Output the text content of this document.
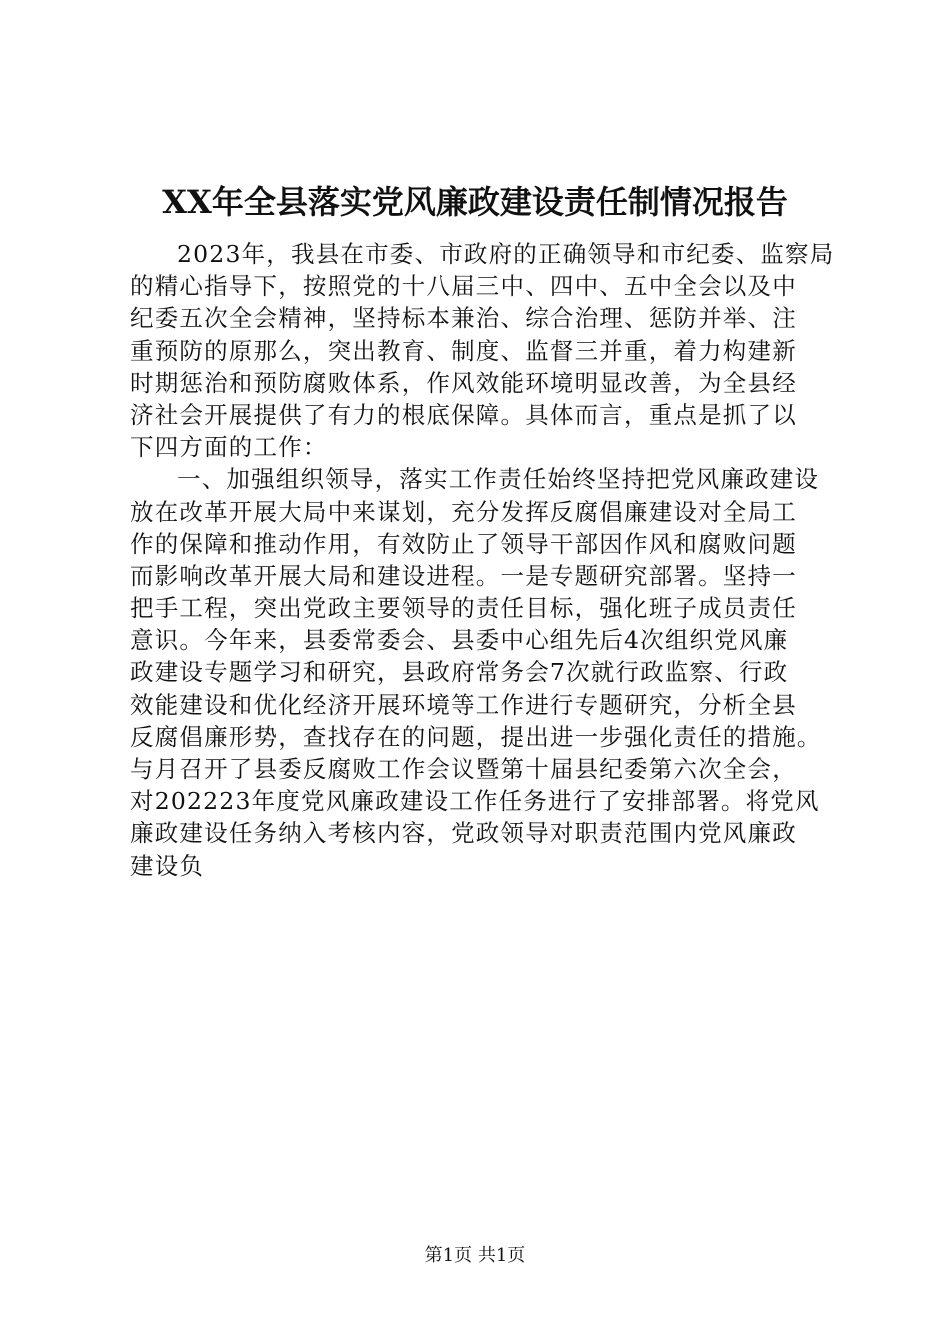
XX年全县落实党风廉政建设责任制情况报告
2023年，我县在市委、市政府的正确领导和市纪委、监察局
的精心指导下，按照党的十八届三中、四中、五中全会以及中
纪委五次全会精神，坚持标本兼治、综合治理、惩防并举、注
重预防的原那么，突出教育、制度、监督三并重，着力构建新
时期惩治和预防腐败体系，作风效能环境明显改善，为全县经
济社会开展提供了有力的根底保障。具体而言，重点是抓了以
下四方面的工作：
一、加强组织领导，落实工作责任始终坚持把党风廉政建设
放在改革开展大局中来谋划，充分发挥反腐倡廉建设对全局工
作的保障和推动作用，有效防止了领导干部因作风和腐败问题
而影响改革开展大局和建设进程。一是专题研究部署。坚持一
把手工程，突出党政主要领导的责任目标，强化班子成员责任
意识。今年来，县委常委会、县委中心组先后4次组织党风廉
政建设专题学习和研究，县政府常务会7次就行政监察、行政
效能建设和优化经济开展环境等工作进行专题研究，分析全县
反腐倡廉形势，查找存在的问题，提出进一步强化责任的措施。
与月召开了县委反腐败工作会议暨第十届县纪委第六次全会，
对202223年度党风廉政建设工作任务进行了安排部署。将党风
廉政建设任务纳入考核内容，党政领导对职责范围内党风廉政
建设负
第1页 共1页
